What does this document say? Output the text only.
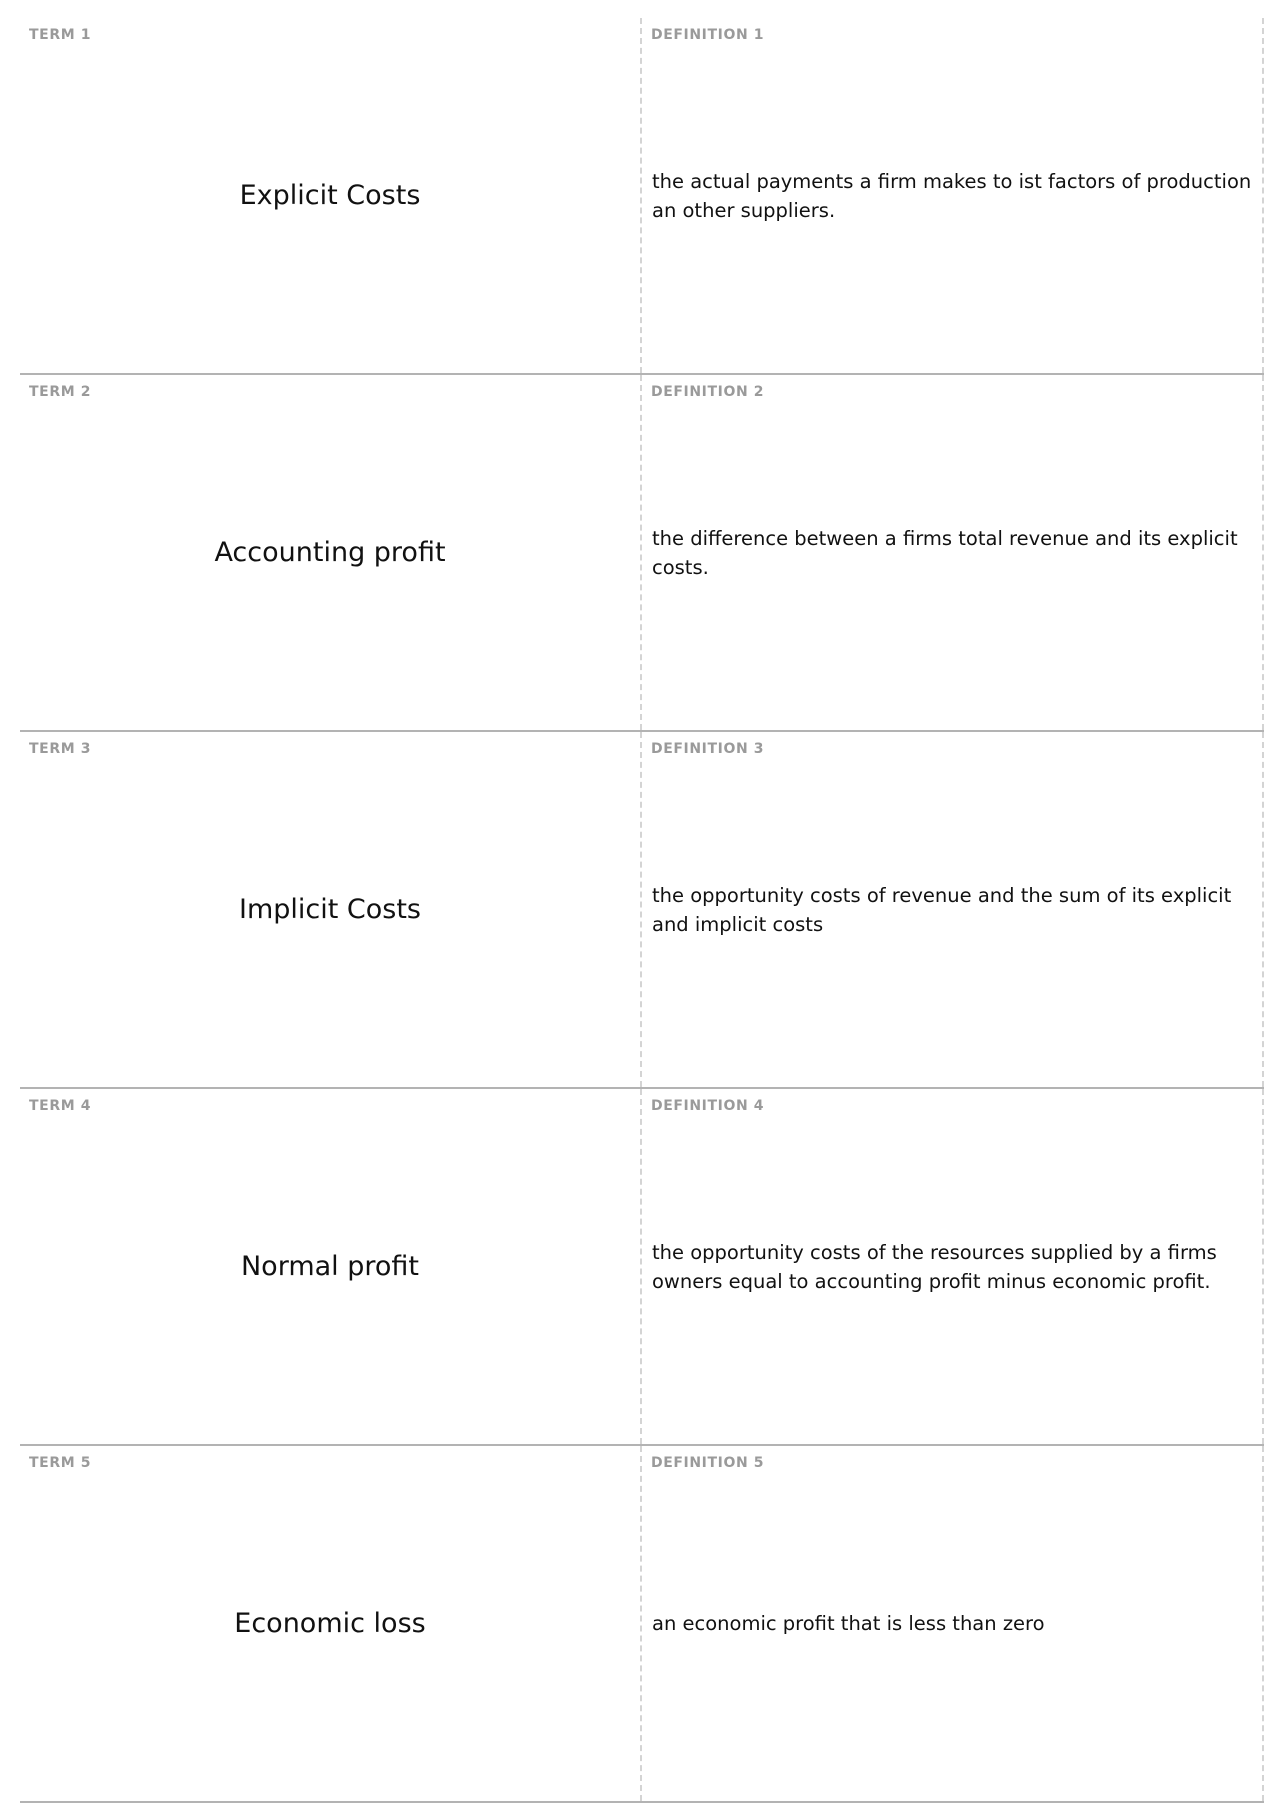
TERM 1
Explicit Costs
DEFINITION 1
the actual payments a firm makes to ist factors of production an other suppliers.
TERM 2
Accounting profit
DEFINITION 2
the difference between a firms total revenue and its explicit costs.
TERM 3
Implicit Costs
DEFINITION 3
the opportunity costs of revenue and the sum of its explicit and implicit costs
TERM 4
Normal profit
DEFINITION 4
the opportunity costs of the resources supplied by a firms owners equal to accounting profit minus economic profit.
TERM 5
Economic loss
DEFINITION 5
an economic profit that is less than zero
